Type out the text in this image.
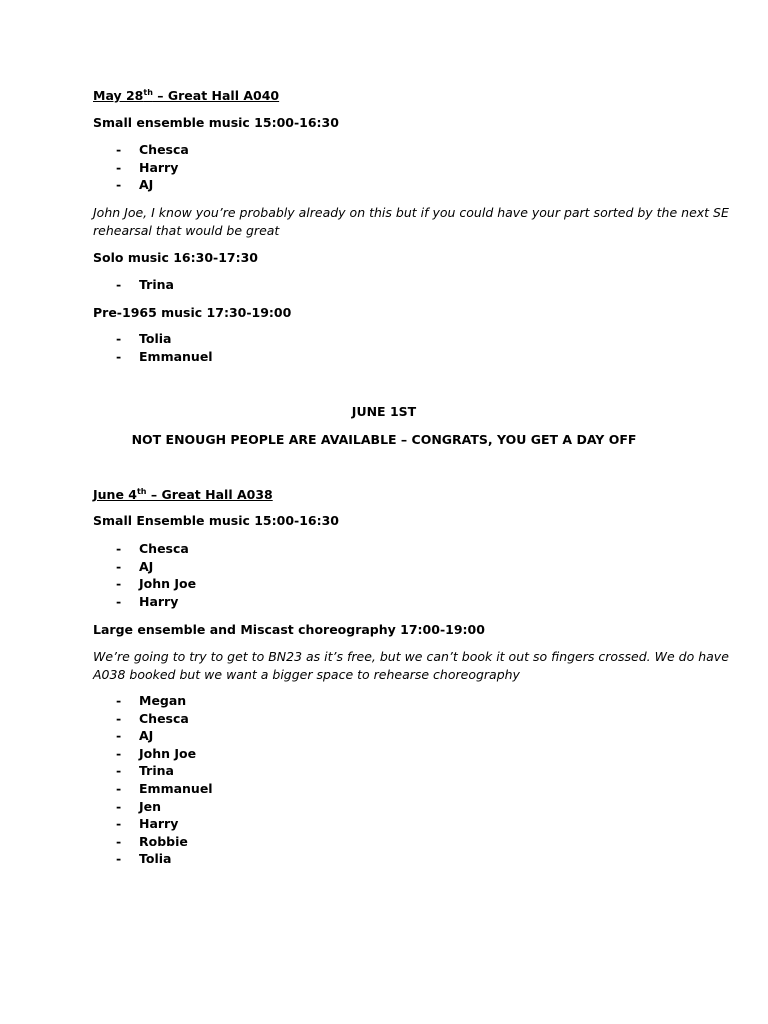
May 28th – Great Hall A040
Small ensemble music 15:00-16:30
- Chesca
- Harry
- AJ
John Joe, I know you’re probably already on this but if you could have your part sorted by the next SE
rehearsal that would be great
Solo music 16:30-17:30
- Trina
Pre-1965 music 17:30-19:00
- Tolia
- Emmanuel
JUNE 1ST
NOT ENOUGH PEOPLE ARE AVAILABLE – CONGRATS, YOU GET A DAY OFF
June 4th – Great Hall A038
Small Ensemble music 15:00-16:30
- Chesca
- AJ
- John Joe
- Harry
Large ensemble and Miscast choreography 17:00-19:00
We’re going to try to get to BN23 as it’s free, but we can’t book it out so fingers crossed. We do have
A038 booked but we want a bigger space to rehearse choreography
- Megan
- Chesca
- AJ
- John Joe
- Trina
- Emmanuel
- Jen
- Harry
- Robbie
- Tolia
